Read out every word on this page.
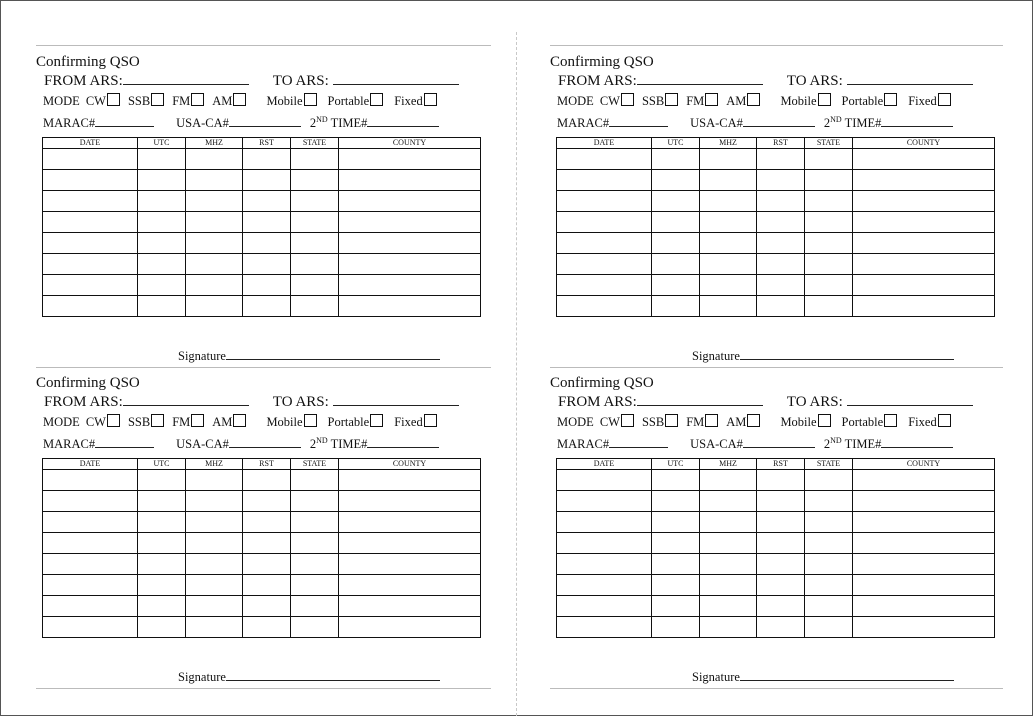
Confirming QSO
FROM ARS:	TO ARS:
MODE CW SSB FM AM	Mobile Portable Fixed
MARAC#	USA-CA#	2ND TIME#
DATE	UTC	MHZ	RST	STATE	COUNTY

Signature
Confirming QSO
FROM ARS:	TO ARS:
MODE CW SSB FM AM	Mobile Portable Fixed
MARAC#	USA-CA#	2ND TIME#
DATE	UTC	MHZ	RST	STATE	COUNTY

Signature
Confirming QSO
FROM ARS:	TO ARS:
MODE CW SSB FM AM	Mobile Portable Fixed
MARAC#	USA-CA#	2ND TIME#
DATE	UTC	MHZ	RST	STATE	COUNTY

Signature
Confirming QSO
FROM ARS:	TO ARS:
MODE CW SSB FM AM	Mobile Portable Fixed
MARAC#	USA-CA#	2ND TIME#
DATE	UTC	MHZ	RST	STATE	COUNTY

Signature
